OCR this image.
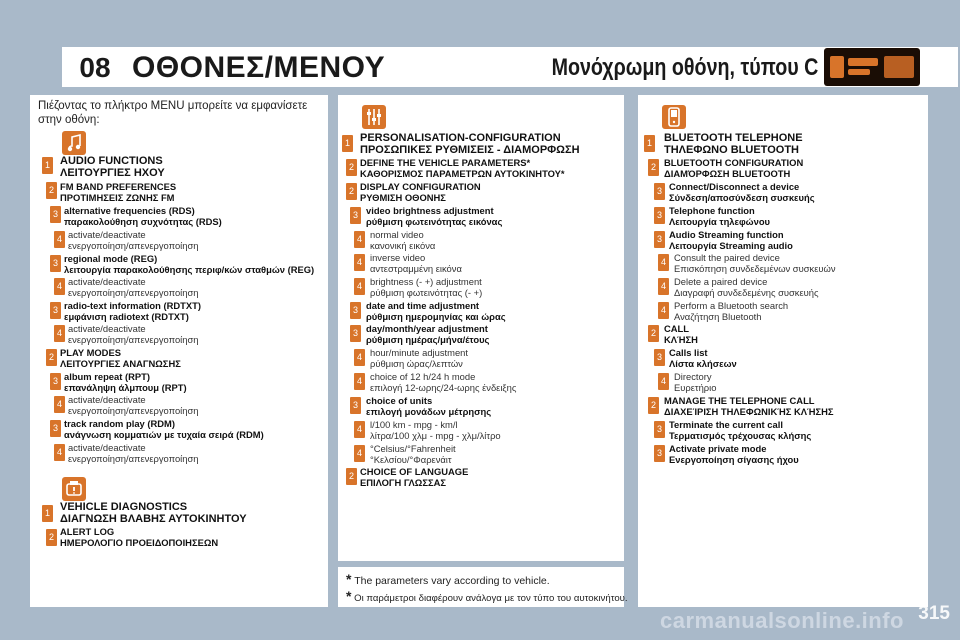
08 ΟΘΟΝΕΣ/ΜΕΝΟΥ	Μονόχρωμη οθόνη, τύπου C
Πιέζοντας το πλήκτρο MENU μπορείτε να εμφανίσετε στην οθόνη:
1 AUDIO FUNCTIONS
ΛΕΙΤΟΥΡΓΙΕΣ ΗΧΟΥ
2 FM BAND PREFERENCES
ΠΡΟΤΙΜΗΣΕΙΣ ΖΩΝΗΣ FM
3 alternative frequencies (RDS)
παρακολούθηση συχνότητας (RDS)
4 activate/deactivate
ενεργοποίηση/απενεργοποίηση
3 regional mode (REG)
λειτουργία παρακολούθησης περιφ/κών σταθμών (REG)
4 activate/deactivate
ενεργοποίηση/απενεργοποίηση
3 radio-text information (RDTXT)
εμφάνιση radiotext (RDTXT)
4 activate/deactivate
ενεργοποίηση/απενεργοποίηση
2 PLAY MODES
ΛΕΙΤΟΥΡΓΙΕΣ ΑΝΑΓΝΩΣΗΣ
3 album repeat (RPT)
επανάληψη άλμπουμ (RPT)
4 activate/deactivate
ενεργοποίηση/απενεργοποίηση
3 track random play (RDM)
ανάγνωση κομματιών με τυχαία σειρά (RDM)
4 activate/deactivate
ενεργοποίηση/απενεργοποίηση
1 VEHICLE DIAGNOSTICS
ΔΙΑΓΝΩΣΗ ΒΛΑΒΗΣ ΑΥΤΟΚΙΝΗΤΟΥ
2 ALERT LOG
ΗΜΕΡΟΛΟΓΙΟ ΠΡΟΕΙΔΟΠΟΙΗΣΕΩΝ
1 PERSONALISATION-CONFIGURATION
ΠΡΟΣΩΠΙΚΕΣ ΡΥΘΜΙΣΕΙΣ - ΔΙΑΜΟΡΦΩΣΗ
2 DEFINE THE VEHICLE PARAMETERS*
ΚΑΘΟΡΙΣΜΟΣ ΠΑΡΑΜΕΤΡΩΝ ΑΥΤΟΚΙΝΗΤΟΥ*
2 DISPLAY CONFIGURATION
ΡΥΘΜΙΣΗ ΟΘΟΝΗΣ
3 video brightness adjustment
ρύθμιση φωτεινότητας εικόνας
4 normal video
κανονική εικόνα
4 inverse video
αντεστραμμένη εικόνα
4 brightness (- +) adjustment
ρύθμιση φωτεινότητας (- +)
3 date and time adjustment
ρύθμιση ημερομηνίας και ώρας
3 day/month/year adjustment
ρύθμιση ημέρας/μήνα/έτους
4 hour/minute adjustment
ρύθμιση ώρας/λεπτών
4 choice of 12 h/24 h mode
επιλογή 12-ωρης/24-ωρης ένδειξης
3 choice of units
επιλογή μονάδων μέτρησης
4 l/100 km - mpg - km/l
λίτρα/100 χλμ - mpg - χλμ/λίτρο
4 °Celsius/°Fahrenheit
°Κελσίου/°Φαρενάιτ
2 CHOICE OF LANGUAGE
ΕΠΙΛΟΓΗ ΓΛΩΣΣΑΣ
* The parameters vary according to vehicle.
* Οι παράμετροι διαφέρουν ανάλογα με τον τύπο του αυτοκινήτου.
1 BLUETOOTH TELEPHONE
ΤΗΛΕΦΩΝΟ BLUETOOTH
2 BLUETOOTH CONFIGURATION
ΔΙΑΜΌΡΦΩΣΗ BLUETOOTH
3 Connect/Disconnect a device
Σύνδεση/αποσύνδεση συσκευής
3 Telephone function
Λειτουργία τηλεφώνου
3 Audio Streaming function
Λειτουργία Streaming audio
4 Consult the paired device
Επισκόπηση συνδεδεμένων συσκευών
4 Delete a paired device
Διαγραφή συνδεδεμένης συσκευής
4 Perform a Bluetooth search
Αναζήτηση Bluetooth
2 CALL
ΚΛΉΣΗ
3 Calls list
Λίστα κλήσεων
4 Directory
Ευρετήριο
2 MANAGE THE TELEPHONE CALL
ΔΙΑΧΕΊΡΙΣΗ ΤΗΛΕΦΩΝΙΚΉΣ ΚΛΉΣΗΣ
3 Terminate the current call
Τερματισμός τρέχουσας κλήσης
3 Activate private mode
Ενεργοποίηση σίγασης ήχου
carmanualsonline.info 315
